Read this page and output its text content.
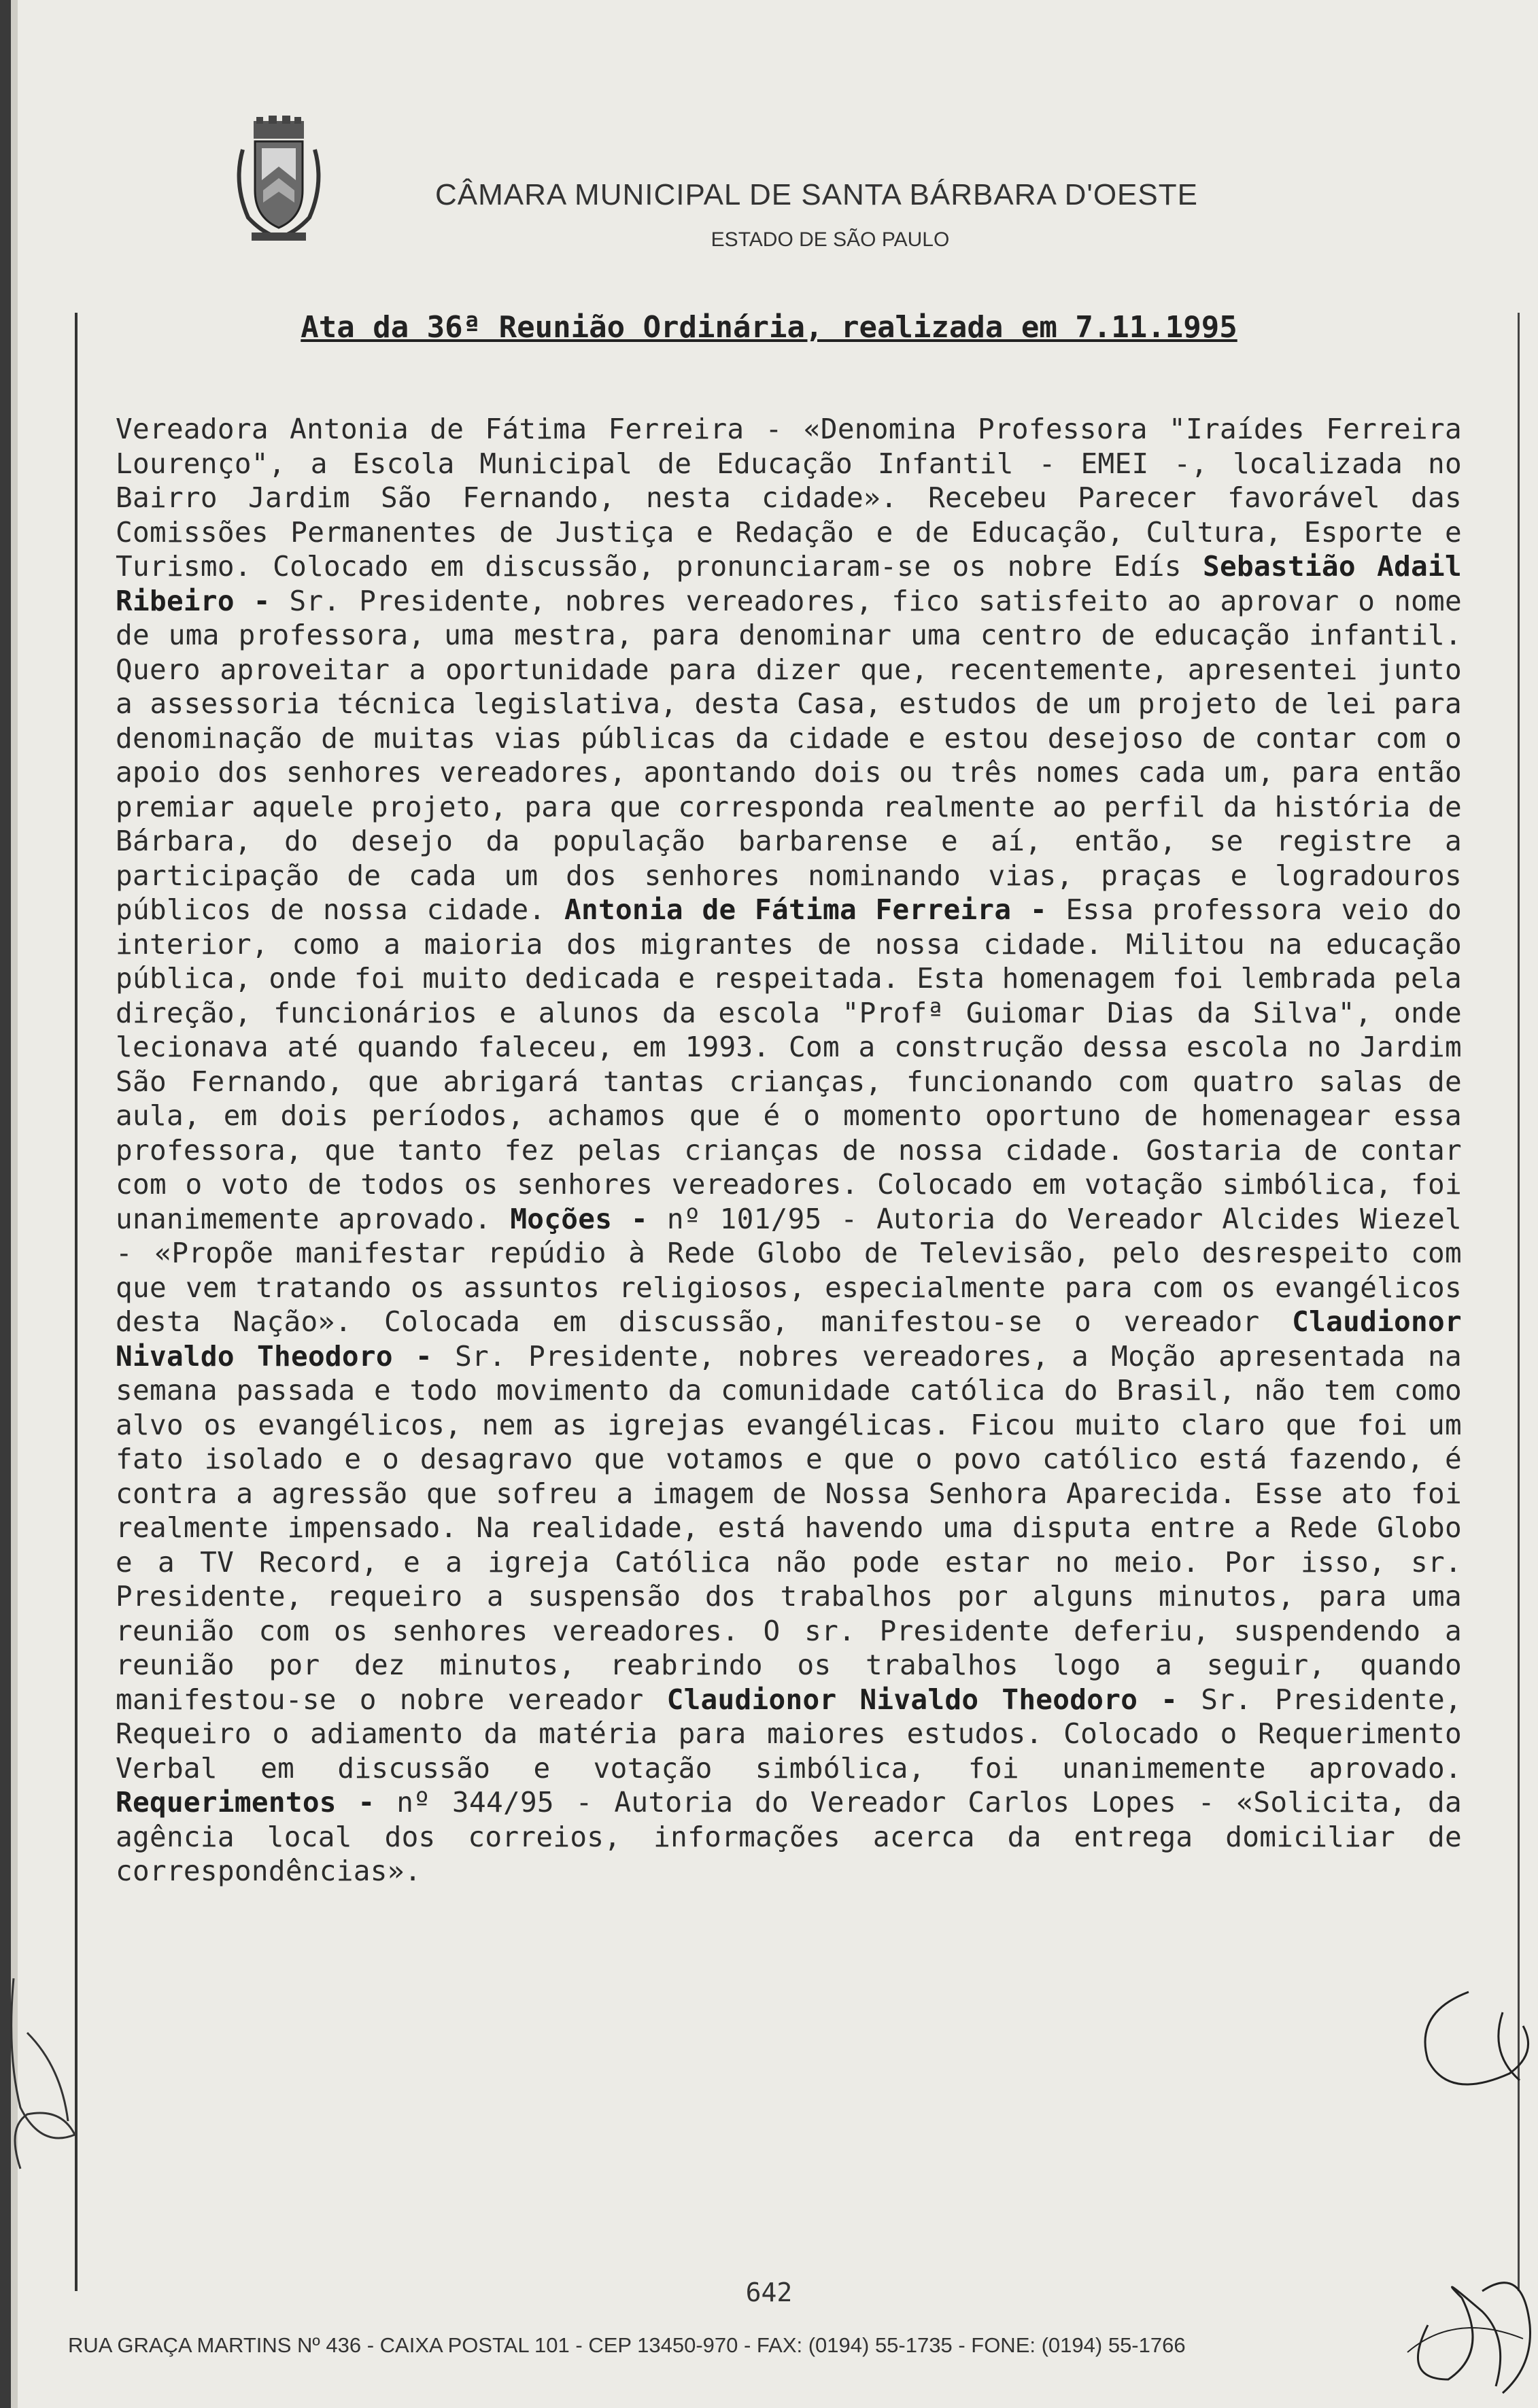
CÂMARA MUNICIPAL DE SANTA BÁRBARA D'OESTE
ESTADO DE SÃO PAULO
Ata da 36ª Reunião Ordinária, realizada em 7.11.1995
Vereadora Antonia de Fátima Ferreira - «Denomina Professora "Iraídes Ferreira Lourenço", a Escola Municipal de Educação Infantil - EMEI -, localizada no Bairro Jardim São Fernando, nesta cidade». Recebeu Parecer favorável das Comissões Permanentes de Justiça e Redação e de Educação, Cultura, Esporte e Turismo. Colocado em discussão, pronunciaram-se os nobre Edís Sebastião Adail Ribeiro - Sr. Presidente, nobres vereadores, fico satisfeito ao aprovar o nome de uma professora, uma mestra, para denominar uma centro de educação infantil. Quero aproveitar a oportunidade para dizer que, recentemente, apresentei junto a assessoria técnica legislativa, desta Casa, estudos de um projeto de lei para denominação de muitas vias públicas da cidade e estou desejoso de contar com o apoio dos senhores vereadores, apontando dois ou três nomes cada um, para então premiar aquele projeto, para que corresponda realmente ao perfil da história de Bárbara, do desejo da população barbarense e aí, então, se registre a participação de cada um dos senhores nominando vias, praças e logradouros públicos de nossa cidade. Antonia de Fátima Ferreira - Essa professora veio do interior, como a maioria dos migrantes de nossa cidade. Militou na educação pública, onde foi muito dedicada e respeitada. Esta homenagem foi lembrada pela direção, funcionários e alunos da escola "Profª Guiomar Dias da Silva", onde lecionava até quando faleceu, em 1993. Com a construção dessa escola no Jardim São Fernando, que abrigará tantas crianças, funcionando com quatro salas de aula, em dois períodos, achamos que é o momento oportuno de homenagear essa professora, que tanto fez pelas crianças de nossa cidade. Gostaria de contar com o voto de todos os senhores vereadores. Colocado em votação simbólica, foi unanimemente aprovado. Moções - nº 101/95 - Autoria do Vereador Alcides Wiezel - «Propõe manifestar repúdio à Rede Globo de Televisão, pelo desrespeito com que vem tratando os assuntos religiosos, especialmente para com os evangélicos desta Nação». Colocada em discussão, manifestou-se o vereador Claudionor Nivaldo Theodoro - Sr. Presidente, nobres vereadores, a Moção apresentada na semana passada e todo movimento da comunidade católica do Brasil, não tem como alvo os evangélicos, nem as igrejas evangélicas. Ficou muito claro que foi um fato isolado e o desagravo que votamos e que o povo católico está fazendo, é contra a agressão que sofreu a imagem de Nossa Senhora Aparecida. Esse ato foi realmente impensado. Na realidade, está havendo uma disputa entre a Rede Globo e a TV Record, e a igreja Católica não pode estar no meio. Por isso, sr. Presidente, requeiro a suspensão dos trabalhos por alguns minutos, para uma reunião com os senhores vereadores. O sr. Presidente deferiu, suspendendo a reunião por dez minutos, reabrindo os trabalhos logo a seguir, quando manifestou-se o nobre vereador Claudionor Nivaldo Theodoro - Sr. Presidente, Requeiro o adiamento da matéria para maiores estudos. Colocado o Requerimento Verbal em discussão e votação simbólica, foi unanimemente aprovado. Requerimentos - nº 344/95 - Autoria do Vereador Carlos Lopes - «Solicita, da agência local dos correios, informações acerca da entrega domiciliar de correspondências».
642
RUA GRAÇA MARTINS Nº 436 - CAIXA POSTAL 101 - CEP 13450-970 - FAX: (0194) 55-1735 - FONE: (0194) 55-1766
